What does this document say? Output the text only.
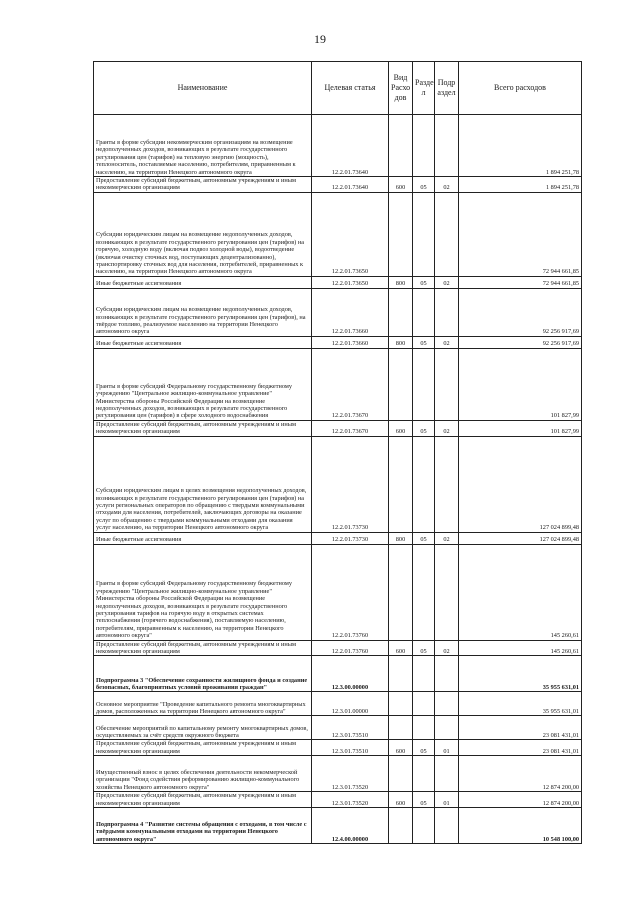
19
Наименование	Целевая статья	Вид Расхо дов	Разде л	Подр аздел	Всего расходов
Гранты в форме субсидии некоммерческим организациям на возмещение недополученных доходов, возникающих в результате государственного регулирования цен (тарифов) на тепловую энергию (мощность), теплоноситель, поставляемые населению, потребителям, приравненным к населению, на территории Ненецкого автономного округа	12.2.01.73640				1 894 251,78
Предоставление субсидий бюджетным, автономным учреждениям и иным некоммерческим организациям	12.2.01.73640	600	05	02	1 894 251,78
Субсидии юридическим лицам на возмещение недополученных доходов, возникающих в результате государственного регулирования цен (тарифов) на горячую, холодную воду (включая подвоз холодной воды), водоотведение (включая очистку сточных вод, поступающих децентрализованно), транспортировку сточных вод для населения, потребителей, приравненных к населению, на территории Ненецкого автономного округа	12.2.01.73650				72 944 661,85
Иные бюджетные ассигнования	12.2.01.73650	800	05	02	72 944 661,85
Субсидии юридическим лицам на возмещение недополученных доходов, возникающих в результате государственного регулирования цен (тарифов), на твёрдое топливо, реализуемое населению на территории Ненецкого автономного округа	12.2.01.73660				92 256 917,69
Иные бюджетные ассигнования	12.2.01.73660	800	05	02	92 256 917,69
Гранты в форме субсидий Федеральному государственному бюджетному учреждению "Центральное жилищно-коммунальное управление" Министерства обороны Российской Федерации на возмещение недополученных доходов, возникающих в результате государственного регулирования цен (тарифов) в сфере холодного водоснабжения	12.2.01.73670				101 827,99
Предоставление субсидий бюджетным, автономным учреждениям и иным некоммерческим организациям	12.2.01.73670	600	05	02	101 827,99
Субсидии юридическим лицам в целях возмещения недополученных доходов, возникающих в результате государственного регулирования цен (тарифов) на услуги региональных операторов по обращению с твердыми коммунальными отходами для населения, потребителей, заключающих договоры на оказание услуг по обращению с твердыми коммунальными отходами для оказания услуг населению, на территории Ненецкого автономного округа	12.2.01.73730				127 024 899,48
Иные бюджетные ассигнования	12.2.01.73730	800	05	02	127 024 899,48
Гранты в форме субсидий Федеральному государственному бюджетному учреждению "Центральное жилищно-коммунальное управление" Министерства обороны Российской Федерации на возмещение недополученных доходов, возникающих в результате государственного регулирования тарифов на горячую воду в открытых системах теплоснабжения (горячего водоснабжения), поставляемую населению, потребителям, приравненным к населению, на территории Ненецкого автономного округа"	12.2.01.73760				145 260,61
Предоставление субсидий бюджетным, автономным учреждениям и иным некоммерческим организациям	12.2.01.73760	600	05	02	145 260,61
Подпрограмма 3 "Обеспечение сохранности жилищного фонда и создание безопасных, благоприятных условий проживания граждан"	12.3.00.00000				35 955 631,01
Основное мероприятие "Проведение капитального ремонта многоквартирных домов, расположенных на территории Ненецкого автономного округа"	12.3.01.00000				35 955 631,01
Обеспечение мероприятий по капитальному ремонту многоквартирных домов, осуществляемых за счёт средств окружного бюджета	12.3.01.73510				23 081 431,01
Предоставление субсидий бюджетным, автономным учреждениям и иным некоммерческим организациям	12.3.01.73510	600	05	01	23 081 431,01
Имущественный взнос в целях обеспечения деятельности некоммерческой организации "Фонд содействия реформированию жилищно-коммунального хозяйства Ненецкого автономного округа"	12.3.01.73520				12 874 200,00
Предоставление субсидий бюджетным, автономным учреждениям и иным некоммерческим организациям	12.3.01.73520	600	05	01	12 874 200,00
Подпрограмма 4 "Развитие системы обращения с отходами, в том числе с твёрдыми коммунальными отходами на территории Ненецкого автономного округа"	12.4.00.00000				10 548 100,00
